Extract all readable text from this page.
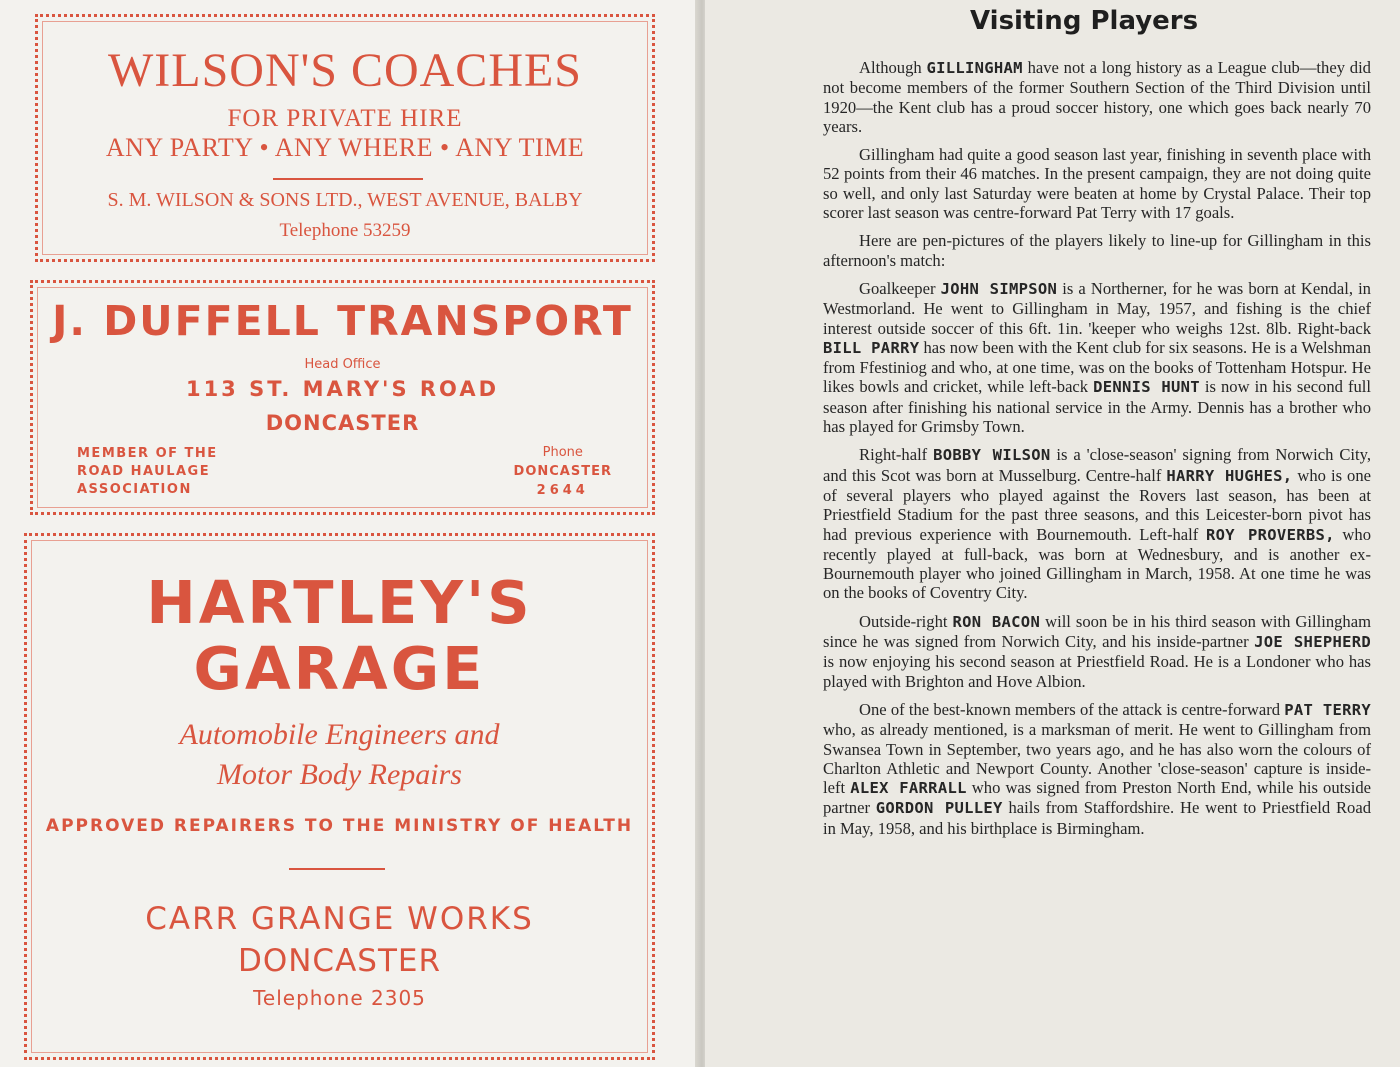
WILSON'S COACHES
FOR PRIVATE HIRE
ANY PARTY • ANY WHERE • ANY TIME
S. M. WILSON & SONS LTD., WEST AVENUE, BALBY
Telephone 53259
J. DUFFELL TRANSPORT
Head Office
113 ST. MARY'S ROAD
DONCASTER
MEMBER OF THE
ROAD HAULAGE
ASSOCIATION
Phone
DONCASTER
2644
HARTLEY'S
GARAGE
Automobile Engineers and
Motor Body Repairs
APPROVED REPAIRERS TO THE MINISTRY OF HEALTH
CARR GRANGE WORKS
DONCASTER
Telephone 2305
Visiting Players

Although GILLINGHAM have not a long history as a League club—they did not become members of the former Southern Section of the Third Division until 1920—the Kent club has a proud soccer history, one which goes back nearly 70 years.

Gillingham had quite a good season last year, finishing in seventh place with 52 points from their 46 matches. In the present campaign, they are not doing quite so well, and only last Saturday were beaten at home by Crystal Palace. Their top scorer last season was centre-forward Pat Terry with 17 goals.

Here are pen-pictures of the players likely to line-up for Gillingham in this afternoon's match:

Goalkeeper JOHN SIMPSON is a Northerner, for he was born at Kendal, in Westmorland. He went to Gillingham in May, 1957, and fishing is the chief interest outside soccer of this 6ft. 1in. 'keeper who weighs 12st. 8lb. Right-back BILL PARRY has now been with the Kent club for six seasons. He is a Welshman from Ffestiniog and who, at one time, was on the books of Tottenham Hotspur. He likes bowls and cricket, while left-back DENNIS HUNT is now in his second full season after finishing his national service in the Army. Dennis has a brother who has played for Grimsby Town.

Right-half BOBBY WILSON is a 'close-season' signing from Norwich City, and this Scot was born at Musselburg. Centre-half HARRY HUGHES, who is one of several players who played against the Rovers last season, has been at Priestfield Stadium for the past three seasons, and this Leicester-born pivot has had previous experience with Bournemouth. Left-half ROY PROVERBS, who recently played at full-back, was born at Wednesbury, and is another ex-Bournemouth player who joined Gillingham in March, 1958. At one time he was on the books of Coventry City.

Outside-right RON BACON will soon be in his third season with Gillingham since he was signed from Norwich City, and his inside-partner JOE SHEPHERD is now enjoying his second season at Priestfield Road. He is a Londoner who has played with Brighton and Hove Albion.

One of the best-known members of the attack is centre-forward PAT TERRY who, as already mentioned, is a marksman of merit. He went to Gillingham from Swansea Town in September, two years ago, and he has also worn the colours of Charlton Athletic and Newport County. Another 'close-season' capture is inside-left ALEX FARRALL who was signed from Preston North End, while his outside partner GORDON PULLEY hails from Staffordshire. He went to Priestfield Road in May, 1958, and his birthplace is Birmingham.
